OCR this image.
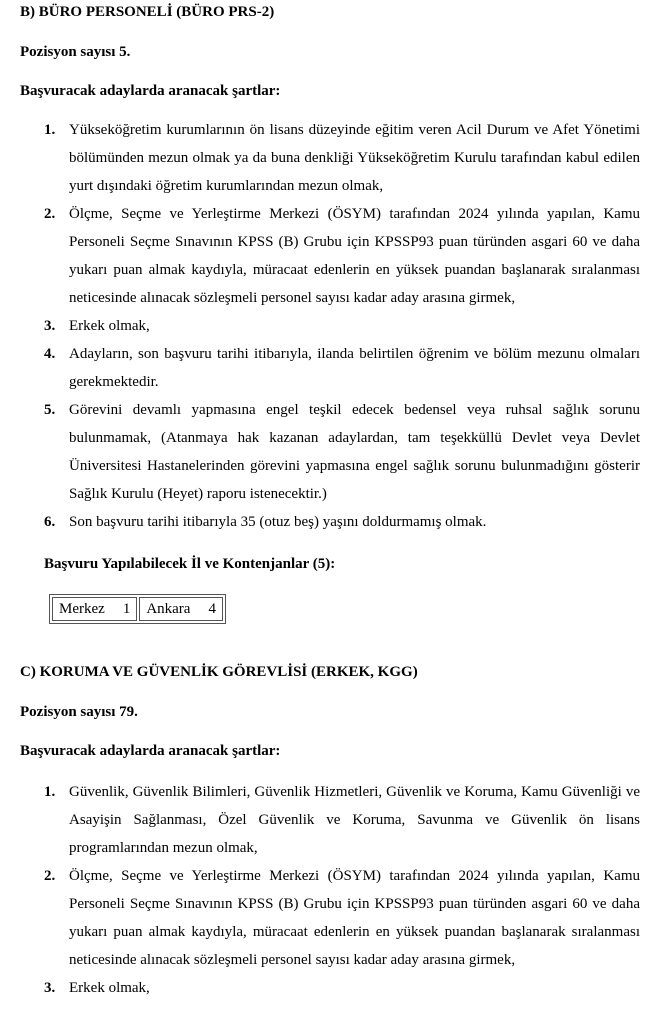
B) BÜRO PERSONELİ (BÜRO PRS-2)
Pozisyon sayısı 5.
Başvuracak adaylarda aranacak şartlar:
1. Yükseköğretim kurumlarının ön lisans düzeyinde eğitim veren Acil Durum ve Afet Yönetimi bölümünden mezun olmak ya da buna denkliği Yükseköğretim Kurulu tarafından kabul edilen yurt dışındaki öğretim kurumlarından mezun olmak,
2. Ölçme, Seçme ve Yerleştirme Merkezi (ÖSYM) tarafından 2024 yılında yapılan, Kamu Personeli Seçme Sınavının KPSS (B) Grubu için KPSSP93 puan türünden asgari 60 ve daha yukarı puan almak kaydıyla, müracaat edenlerin en yüksek puandan başlanarak sıralanması neticesinde alınacak sözleşmeli personel sayısı kadar aday arasına girmek,
3. Erkek olmak,
4. Adayların, son başvuru tarihi itibarıyla, ilanda belirtilen öğrenim ve bölüm mezunu olmaları gerekmektedir.
5. Görevini devamlı yapmasına engel teşkil edecek bedensel veya ruhsal sağlık sorunu bulunmamak, (Atanmaya hak kazanan adaylardan, tam teşekküllü Devlet veya Devlet Üniversitesi Hastanelerinden görevini yapmasına engel sağlık sorunu bulunmadığını gösterir Sağlık Kurulu (Heyet) raporu istenecektir.)
6. Son başvuru tarihi itibarıyla 35 (otuz beş) yaşını doldurmamış olmak.
Başvuru Yapılabilecek İl ve Kontenjanlar (5):
Merkez 1	Ankara 4
C) KORUMA VE GÜVENLİK GÖREVLİSİ (ERKEK, KGG)
Pozisyon sayısı 79.
Başvuracak adaylarda aranacak şartlar:
1. Güvenlik, Güvenlik Bilimleri, Güvenlik Hizmetleri, Güvenlik ve Koruma, Kamu Güvenliği ve Asayişin Sağlanması, Özel Güvenlik ve Koruma, Savunma ve Güvenlik ön lisans programlarından mezun olmak,
2. Ölçme, Seçme ve Yerleştirme Merkezi (ÖSYM) tarafından 2024 yılında yapılan, Kamu Personeli Seçme Sınavının KPSS (B) Grubu için KPSSP93 puan türünden asgari 60 ve daha yukarı puan almak kaydıyla, müracaat edenlerin en yüksek puandan başlanarak sıralanması neticesinde alınacak sözleşmeli personel sayısı kadar aday arasına girmek,
3. Erkek olmak,
